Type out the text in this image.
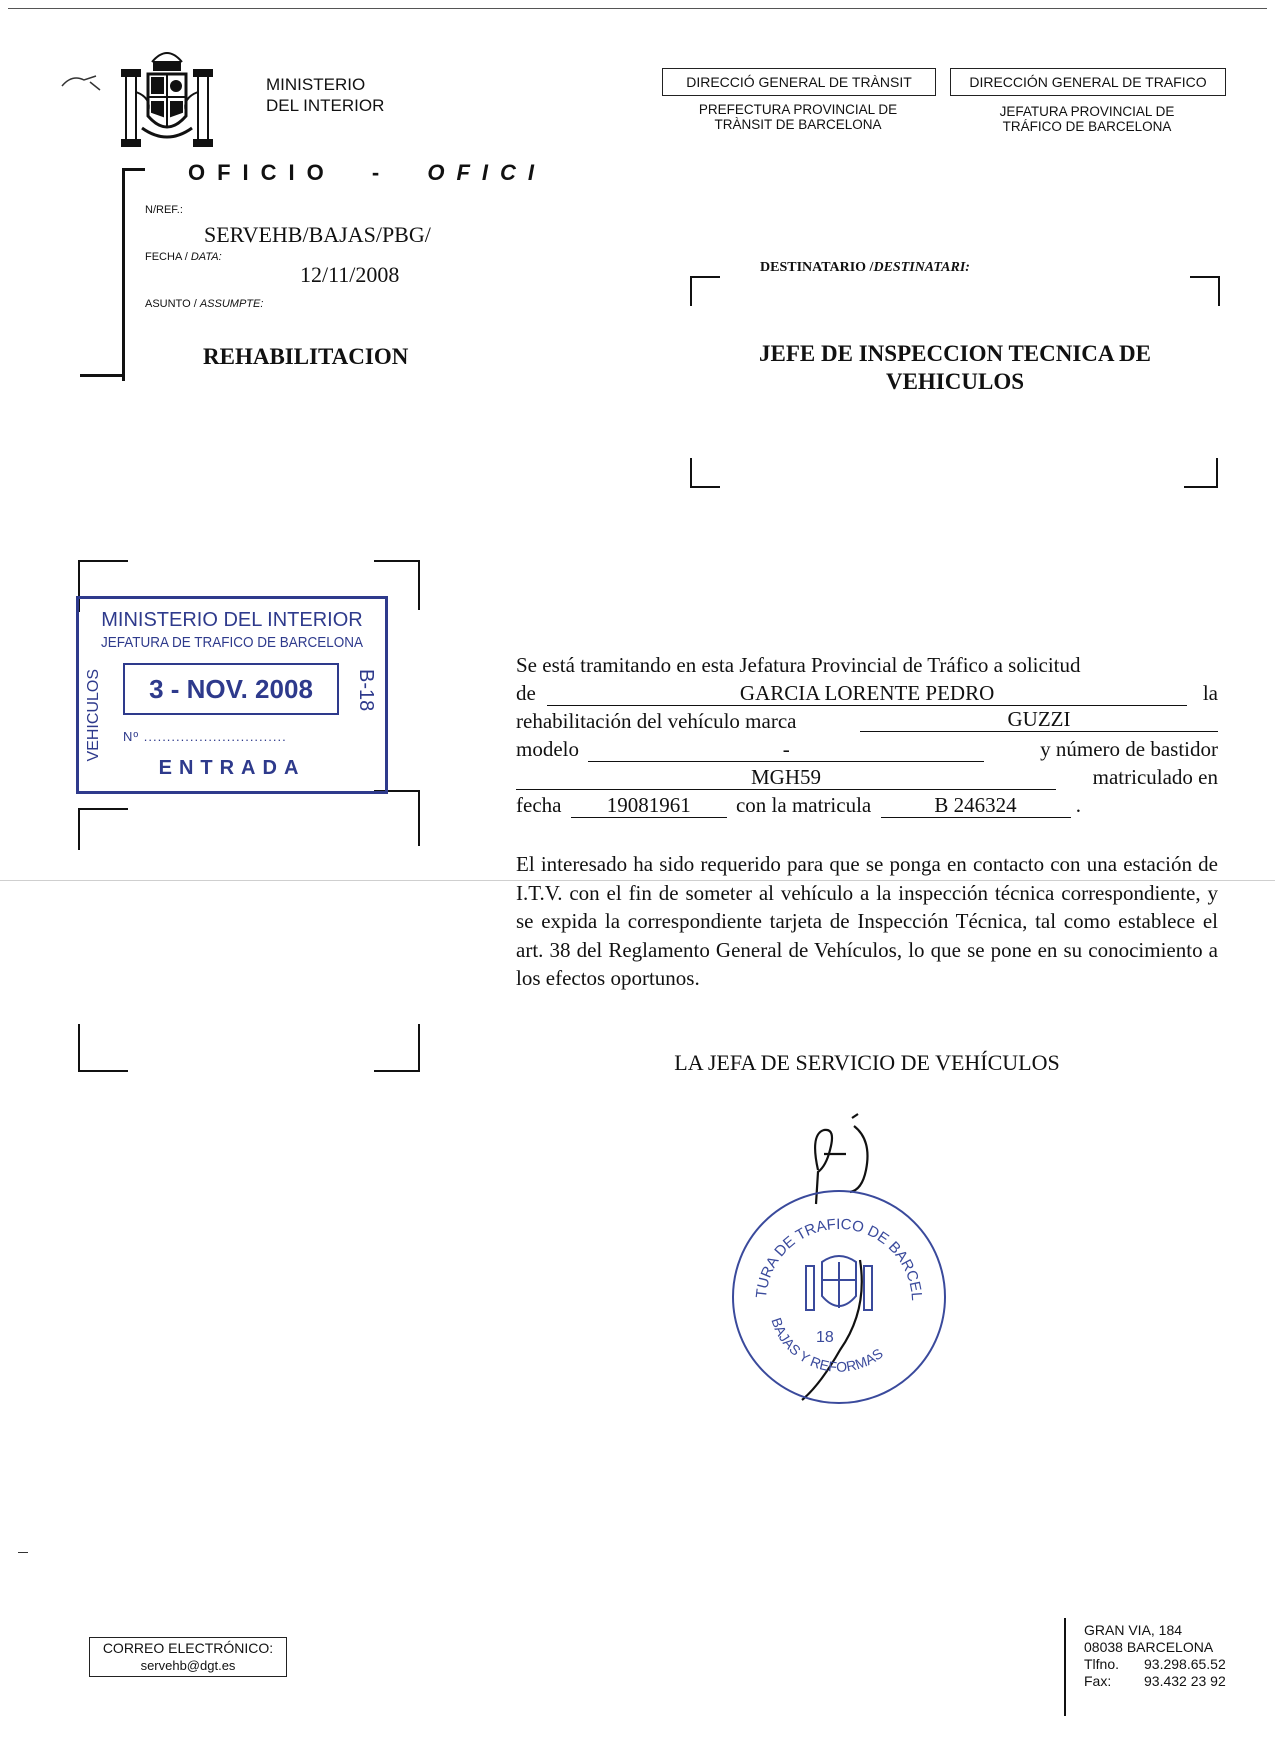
MINISTERIO
DEL INTERIOR
DIRECCIÓ GENERAL DE TRÀNSIT
PREFECTURA PROVINCIAL DE
TRÀNSIT DE BARCELONA
DIRECCIÓN GENERAL DE TRAFICO
JEFATURA PROVINCIAL DE
TRÁFICO DE BARCELONA
OFICIO - OFICI
N/REF.:
SERVEHB/BAJAS/PBG/
FECHA / DATA:
12/11/2008
ASUNTO / ASSUMPTE:
REHABILITACION
DESTINATARIO /DESTINATARI:
JEFE DE INSPECCION TECNICA DE
VEHICULOS
MINISTERIO DEL INTERIOR
JEFATURA DE TRAFICO DE BARCELONA
3 - NOV. 2008
VEHICULOS	B-18
Nº ...............................
ENTRADA
Se está tramitando en esta Jefatura Provincial de Tráfico a solicitud
de	GARCIA LORENTE PEDRO	la
rehabilitación del vehículo marca	GUZZI
modelo	-	y número de bastidor
MGH59	matriculado en
fecha 19081961 con la matricula	B 246324	.
El interesado ha sido requerido para que se ponga en contacto con una estación de I.T.V. con el fin de someter al vehículo a la inspección técnica correspondiente, y se expida la correspondiente tarjeta de Inspección Técnica, tal como establece el art. 38 del Reglamento General de Vehículos, lo que se pone en su conocimiento a los efectos oportunos.
LA JEFA DE SERVICIO DE VEHÍCULOS
TURA DE TRAFICO DE BARCEL
BAJAS Y REFORMAS
18
CORREO ELECTRÓNICO:
servehb@dgt.es
GRAN VIA, 184
08038 BARCELONA
Tlfno. 93.298.65.52
Fax: 93.432 23 92
